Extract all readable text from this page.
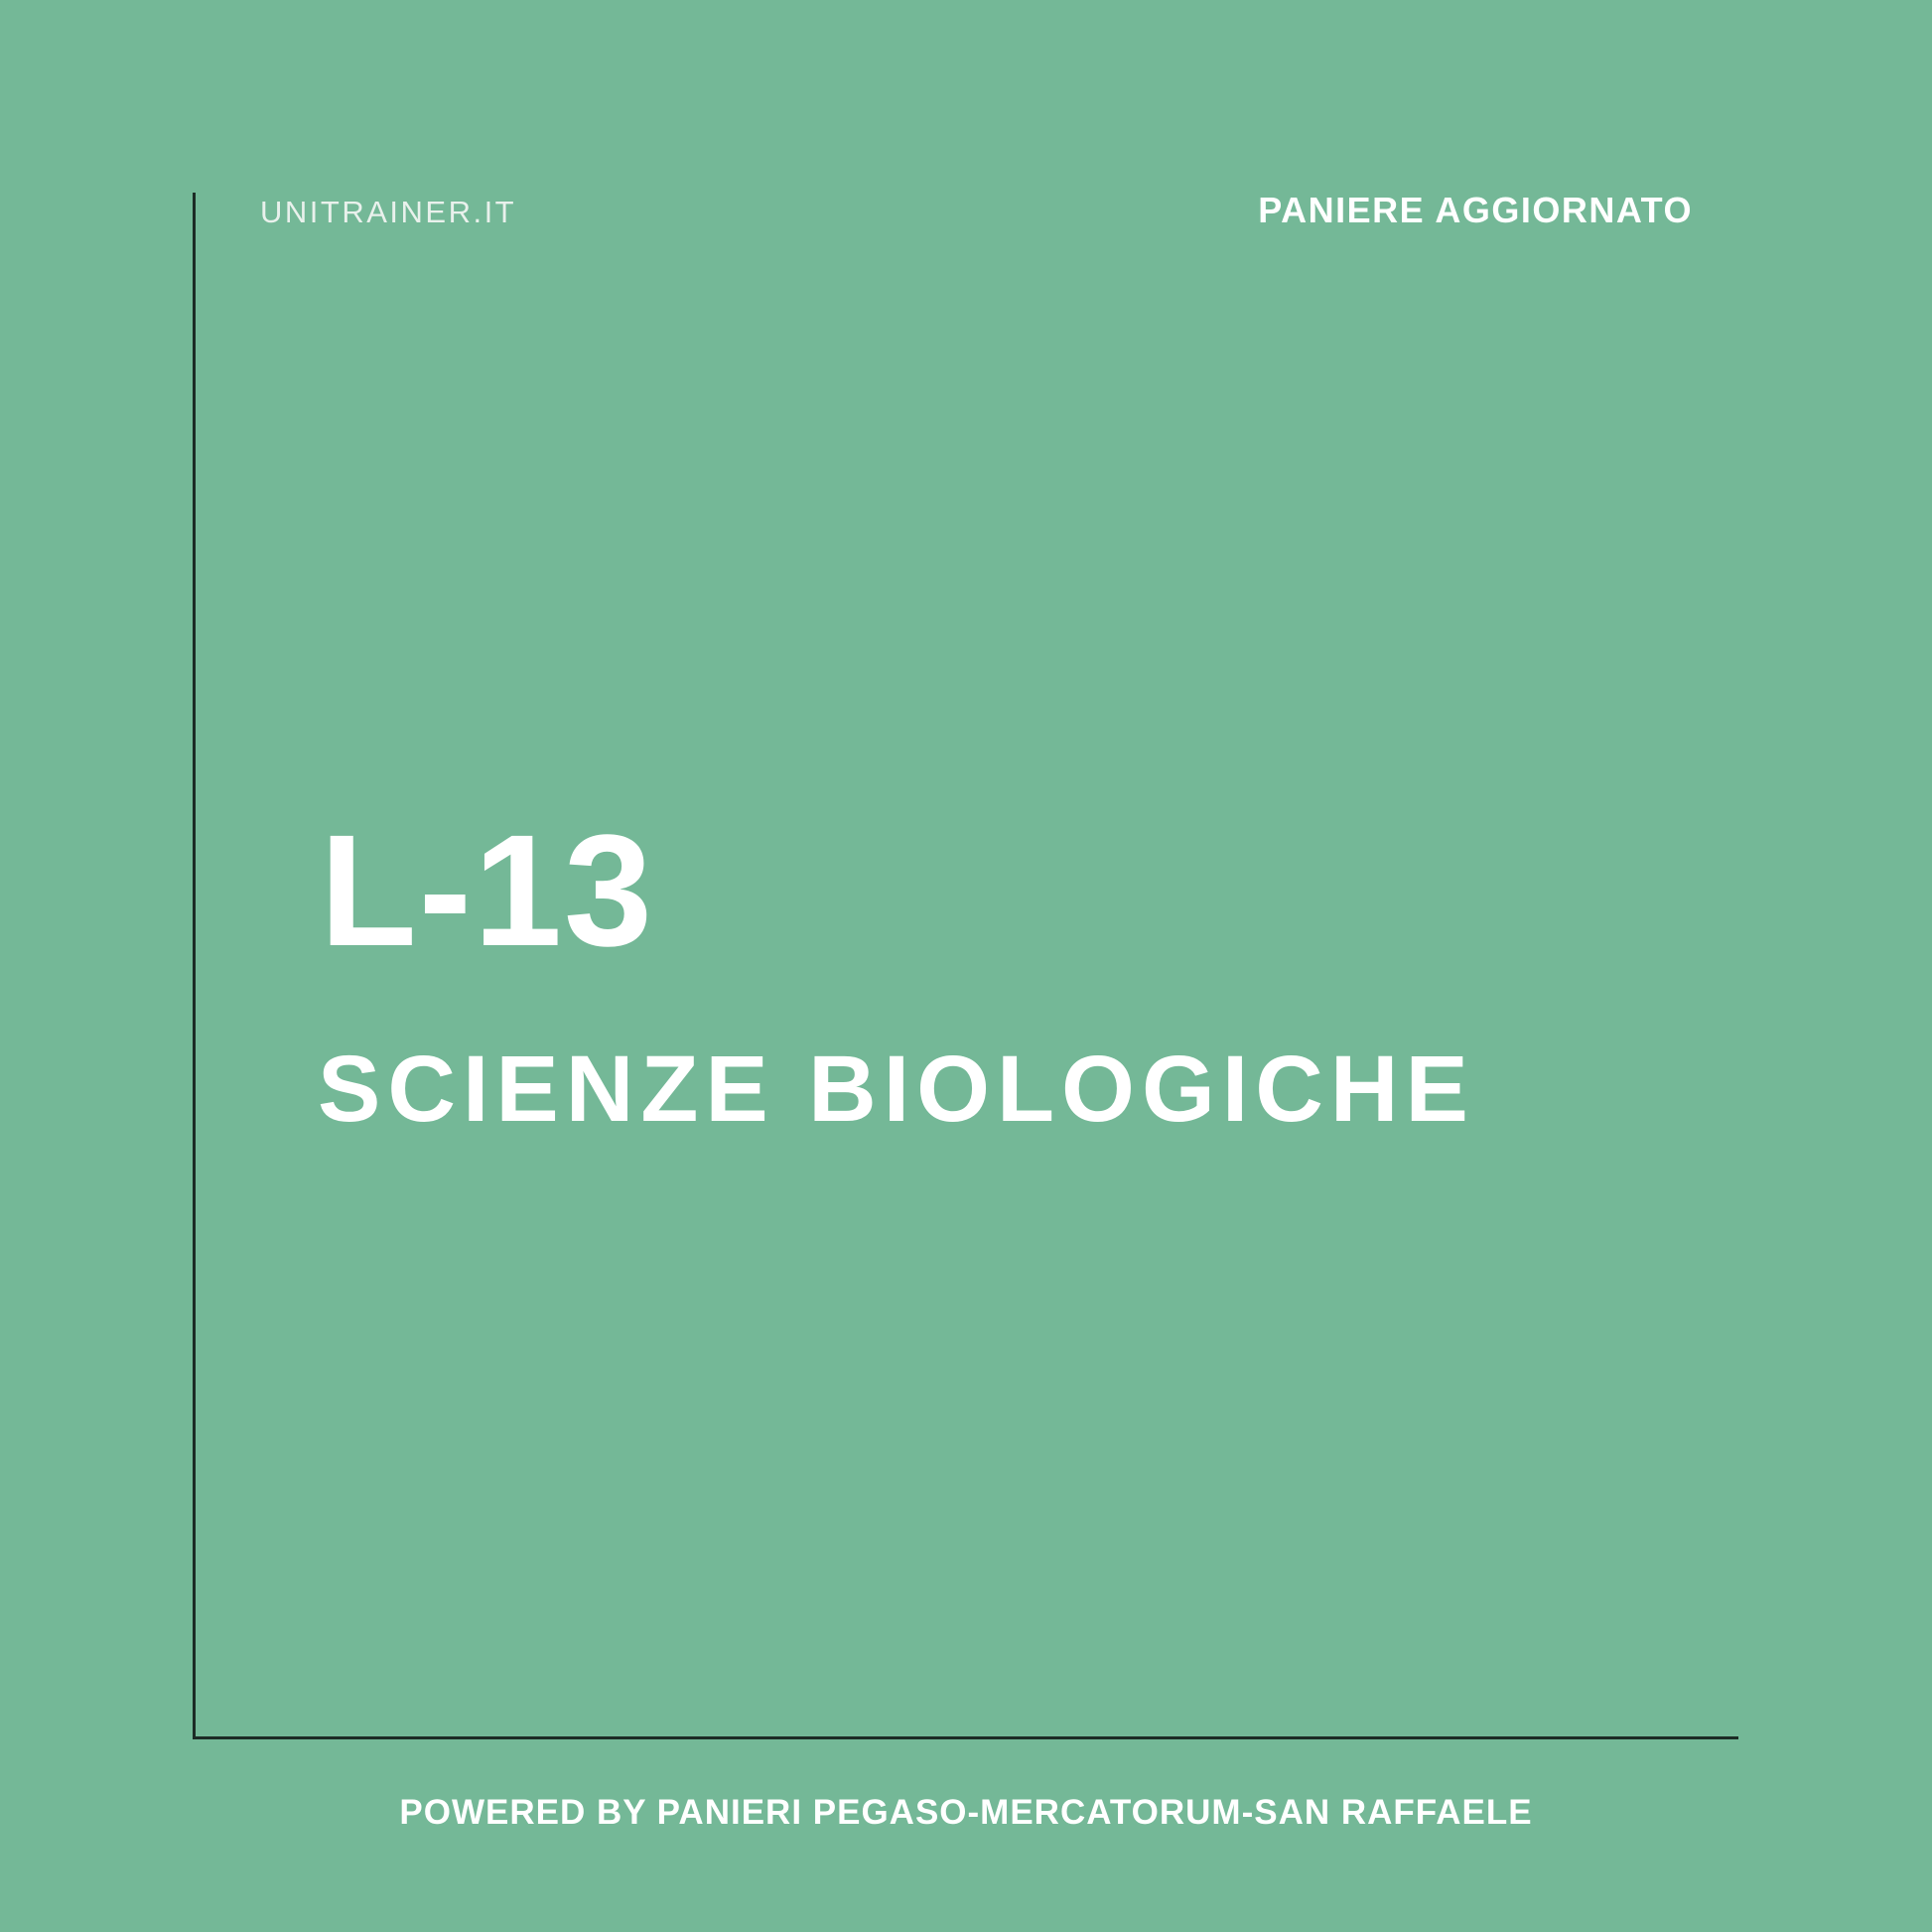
UNITRAINER.IT	PANIERE AGGIORNATO
L-13
SCIENZE BIOLOGICHE
POWERED BY PANIERI PEGASO-MERCATORUM-SAN RAFFAELE
